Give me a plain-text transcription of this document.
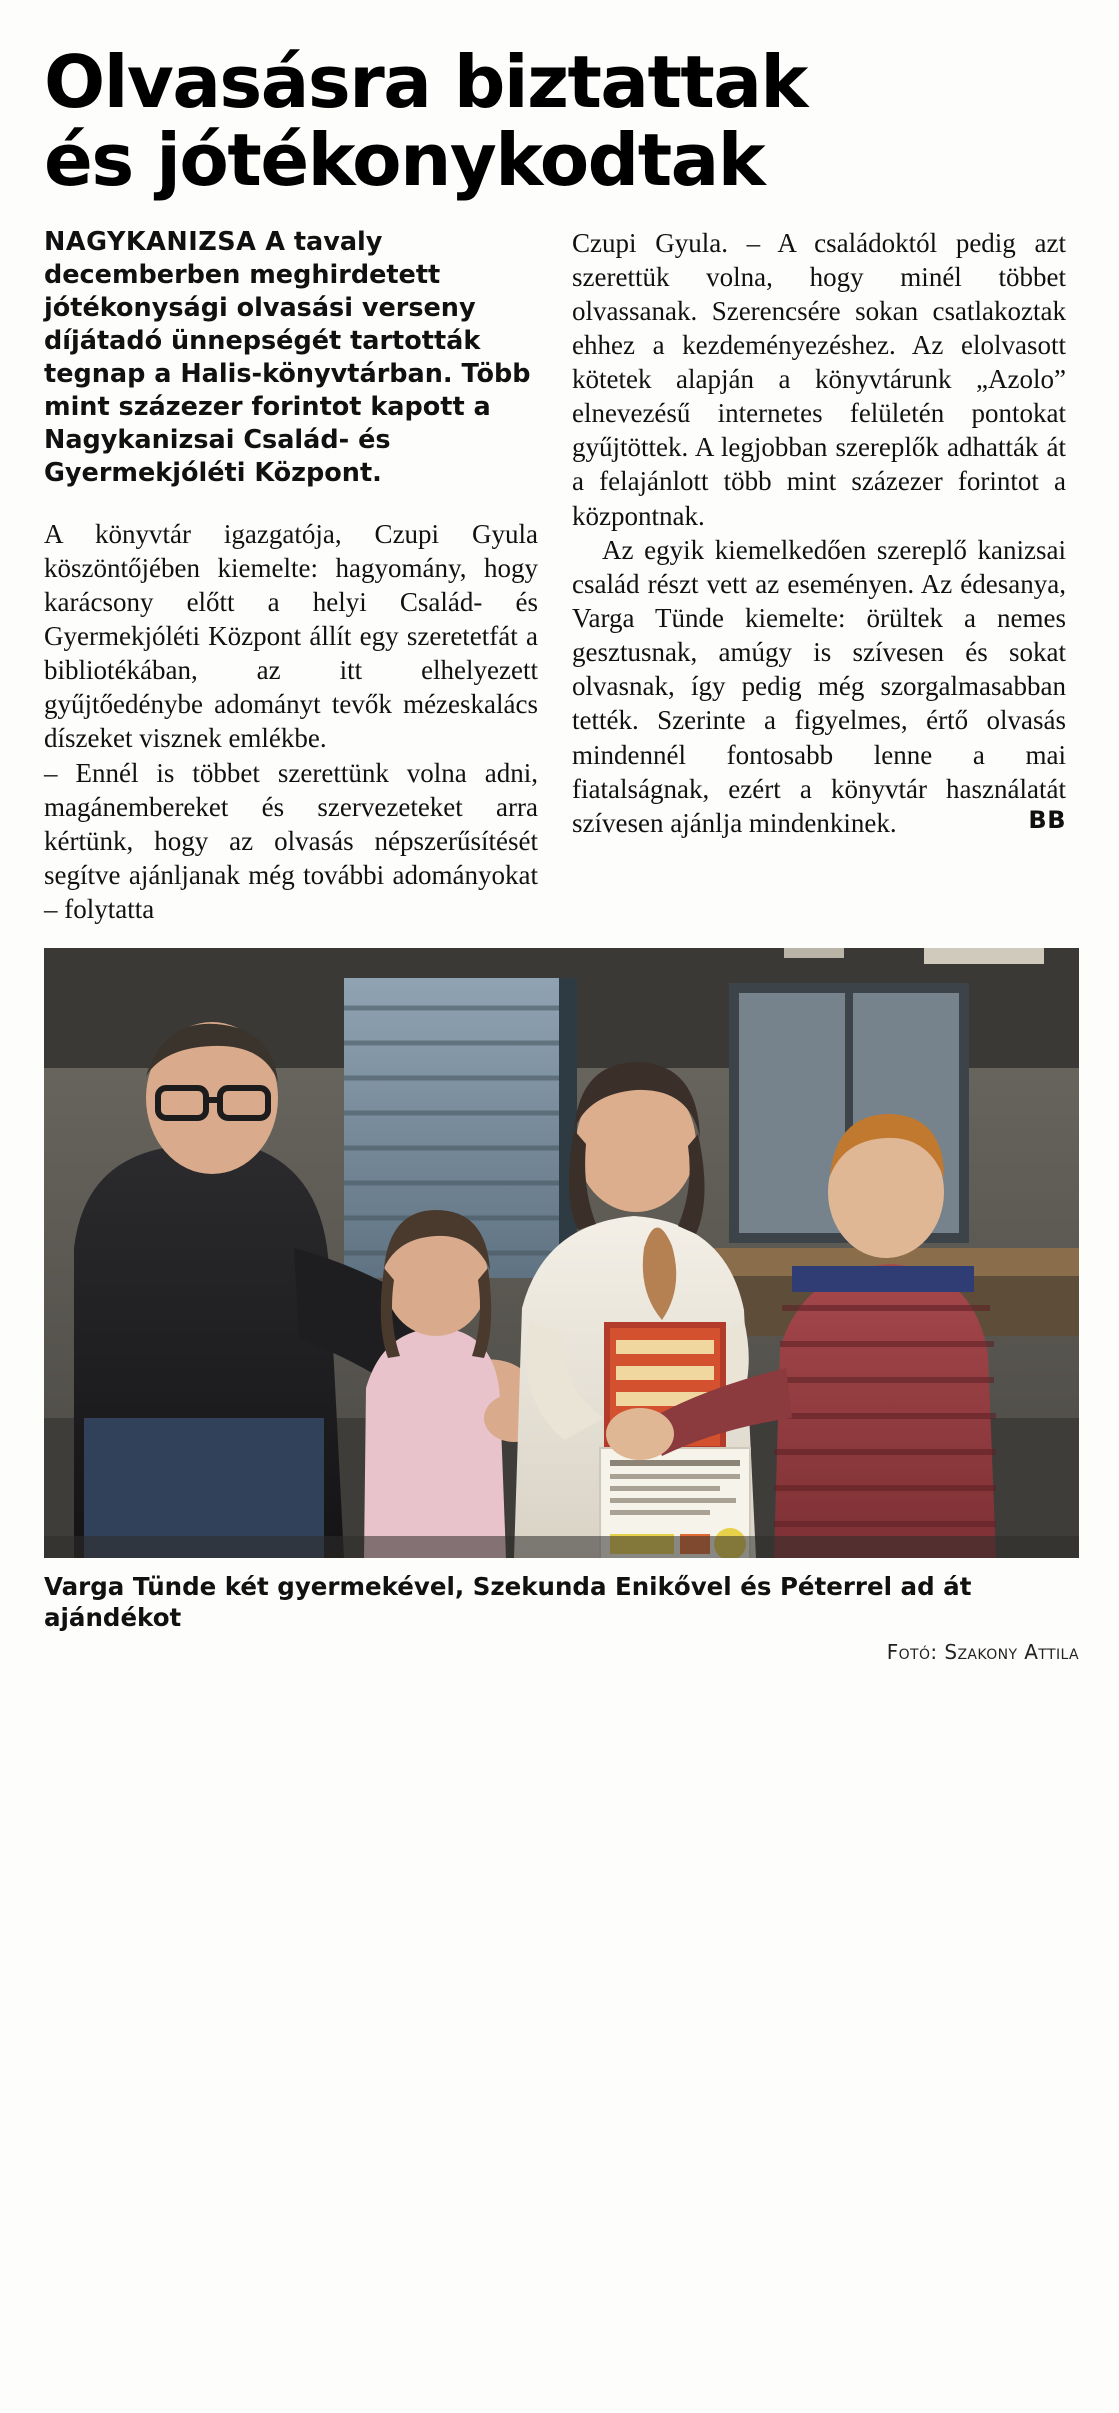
Olvasásra biztattak
és jótékonykodtak

NAGYKANIZSA A tavaly decemberben meghirdetett jótékonysági olvasási verseny díjátadó ünnepségét tartották tegnap a Halis-könyvtárban. Több mint százezer forintot kapott a Nagykanizsai Család- és Gyermekjóléti Központ.

A könyvtár igazgatója, Czupi Gyula köszöntőjében kiemelte: hagyomány, hogy karácsony előtt a helyi Család- és Gyermekjóléti Központ állít egy szeretetfát a bibliotékában, az itt elhelyezett gyűjtőedénybe adományt tevők mézeskalács díszeket visznek emlékbe.

– Ennél is többet szerettünk volna adni, magánembereket és szervezeteket arra kértünk, hogy az olvasás népszerűsítését segítve ajánljanak még további adományokat – folytatta

Czupi Gyula. – A családoktól pedig azt szerettük volna, hogy minél többet olvassanak. Szerencsére sokan csatlakoztak ehhez a kezdeményezéshez. Az elolvasott kötetek alapján a könyvtárunk „Azolo” elnevezésű internetes felületén pontokat gyűjtöttek. A legjobban szereplők adhatták át a felajánlott több mint százezer forintot a központnak.

Az egyik kiemelkedően szereplő kanizsai család részt vett az eseményen. Az édesanya, Varga Tünde kiemelte: örültek a nemes gesztusnak, amúgy is szívesen és sokat olvasnak, így pedig még szorgalmasabban tették. Szerinte a figyelmes, értő olvasás mindennél fontosabb lenne a mai fiatalságnak, ezért a könyvtár használatát szívesen ajánlja mindenkinek.	BB
Varga Tünde két gyermekével, Szekunda Enikővel és Péterrel ad át ajándékot
Fotó: Szakony Attila
